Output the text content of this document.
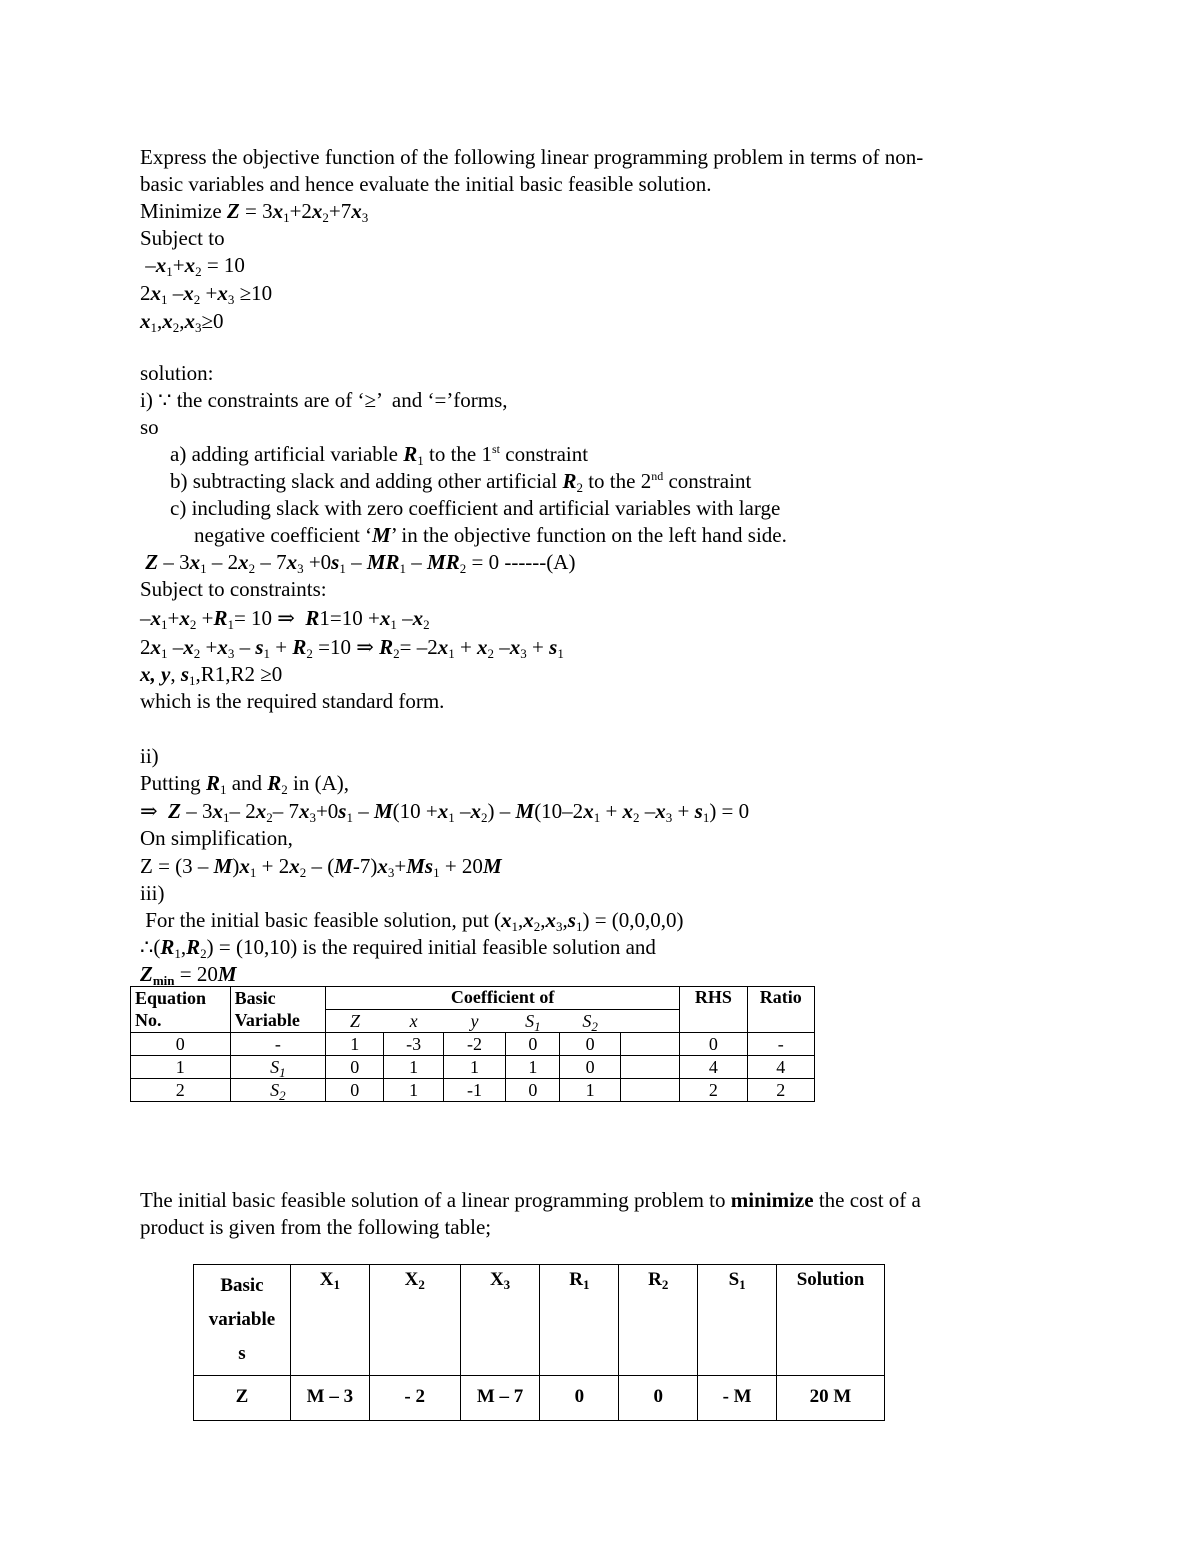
Express the objective function of the following linear programming problem in terms of non-
basic variables and hence evaluate the initial basic feasible solution.
Minimize $Z = 3x_1+2x_2+7x_3$
Subject to
$-x_1+x_2 = 10$
$2x_1$ $-x_2 +x_3 \ge 10$
$x_1,x_2,x_3\ge 0$
solution:
i) ∵ the constraints are of ‘≥’  and ‘=’forms,
so
a) adding artificial variable $R_1$ to the 1st constraint
b) subtracting slack and adding other artificial $R_2$ to the 2nd constraint
c) including slack with zero coefficient and artificial variables with large
negative coefficient ‘M’ in the objective function on the left hand side.
$Z - 3x_1 - 2x_2 - 7x_3 +0s_1 - MR_1 - MR_2 = 0$ ------(A)
Subject to constraints:
$-x_1+x_2 +R_1= 10$ ⇒  $R1=10 +x_1$ $-x_2$
$2x_1$ $-x_2 +x_3 - s_1 + R_2 =10$ ⇒ $R_2= -2x_1 + x_2$ $-x_3 + s_1$
x, y, $s_1,R1,R2 \ge 0$
which is the required standard form.
ii)
Putting $R_1$ and $R_2$ in (A),
⇒  Z – $3x_1-$ $2x_2-$ $7x_3+0s_1 - M(10 +x_1$ $-x_2) - M(10-2x_1 + x_2$ $-x_3 + s_1) = 0$
On simplification,
$Z = (3 - M)x_1 + 2x_2 - (M-7)x_3+Ms_1 + 20M$
iii)
For the initial basic feasible solution, put $(x_1,x_2,x_3,s_1) = (0,0,0,0)$
$\therefore(R_1,R_2) = (10,10)$ is the required initial feasible solution and
$Z_{min} = 20M$
Equation No.	Basic Variable	Coefficient of						RHS	Ratio
		Z	x	y	$S_1$	$S_2$	
0	-	1	-3	-2	0	0		0	-
1	$S_1$	0	1	1	1	0		4	4
2	$S_2$	0	1	-1	0	1		2	2
The initial basic feasible solution of a linear programming problem to minimize the cost of a
product is given from the following table;
Basic
variable
s	$X_1$	$X_2$	$X_3$	$R_1$	$R_2$	$S_1$	Solution
Z	M – 3	- 2	M – 7	0	0	- M	20 M
